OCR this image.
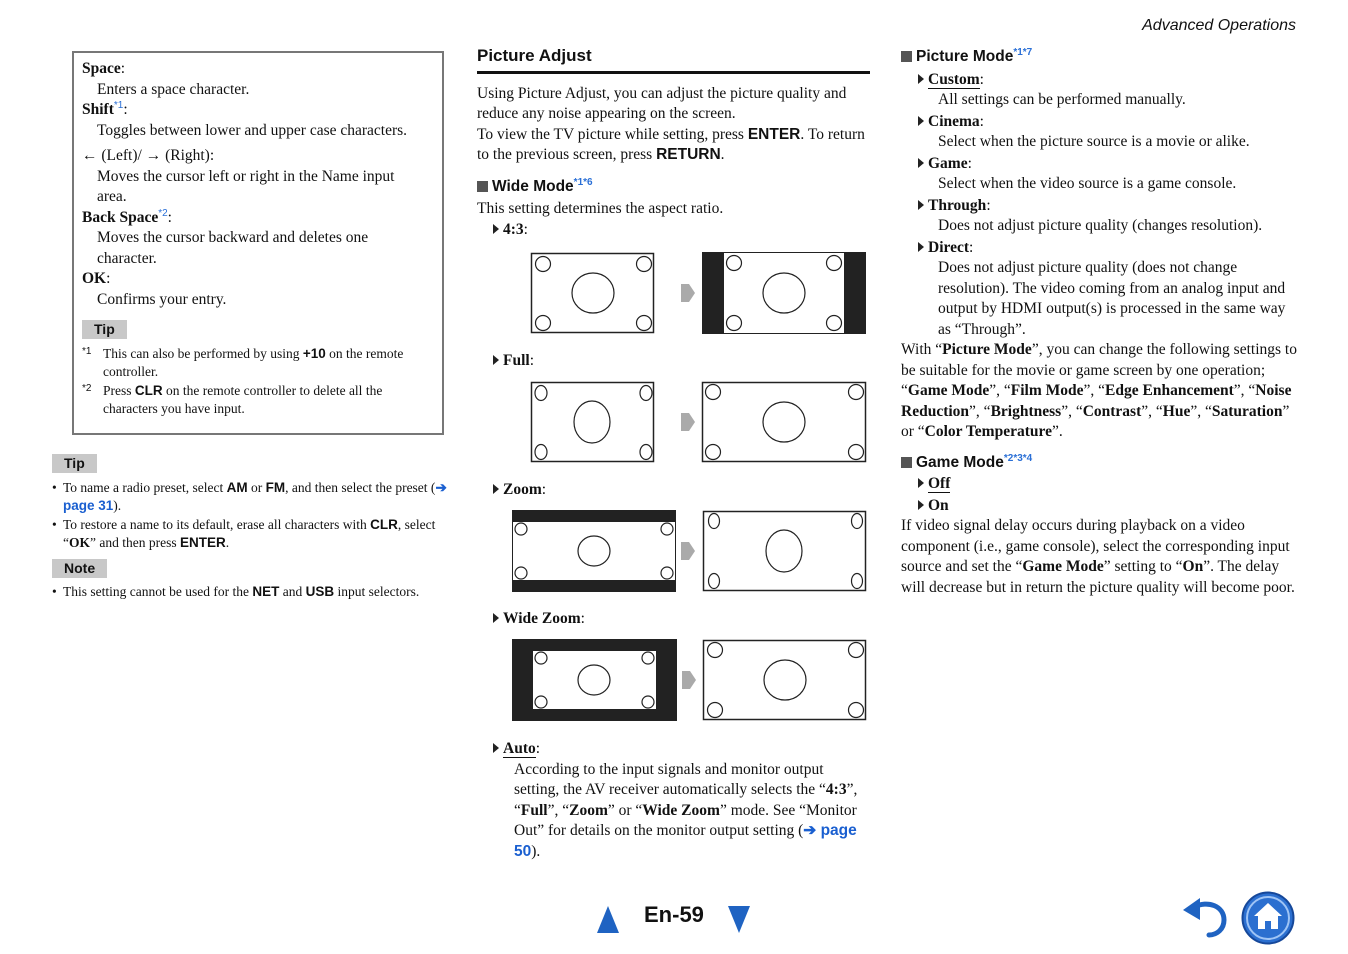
Advanced Operations
Space:
Enters a space character.
Shift$^{*1}$:
Toggles between lower and upper case characters.
← (Left)/ → (Right):
Moves the cursor left or right in the Name input area.
Back Space$^{*2}$:
Moves the cursor backward and deletes one character.
OK:
Confirms your entry.
Tip
*1 This can also be performed by using +10 on the remote controller.
*2 Press CLR on the remote controller to delete all the characters you have input.
Tip
• To name a radio preset, select AM or FM, and then select the preset (➔ page 31).
• To restore a name to its default, erase all characters with CLR, select “OK” and then press ENTER.
Note
• This setting cannot be used for the NET and USB input selectors.
Picture Adjust
Using Picture Adjust, you can adjust the picture quality and reduce any noise appearing on the screen.
To view the TV picture while setting, press ENTER. To return to the previous screen, press RETURN.
Wide Mode$^{*1*6}$
This setting determines the aspect ratio.
4:3:
Full:
Zoom:
Wide Zoom:
Auto:
According to the input signals and monitor output setting, the AV receiver automatically selects the “4:3”, “Full”, “Zoom” or “Wide Zoom” mode. See “Monitor Out” for details on the monitor output setting (➔ page 50).
Picture Mode$^{*1*7}$
Custom:
All settings can be performed manually.
Cinema:
Select when the picture source is a movie or alike.
Game:
Select when the video source is a game console.
Through:
Does not adjust picture quality (changes resolution).
Direct:
Does not adjust picture quality (does not change resolution). The video coming from an analog input and output by HDMI output(s) is processed in the same way as “Through”.
With “Picture Mode”, you can change the following settings to be suitable for the movie or game screen by one operation; “Game Mode”, “Film Mode”, “Edge Enhancement”, “Noise Reduction”, “Brightness”, “Contrast”, “Hue”, “Saturation” or “Color Temperature”.
Game Mode$^{*2*3*4}$
Off
On
If video signal delay occurs during playback on a video component (i.e., game console), select the corresponding input source and set the “Game Mode” setting to “On”. The delay will decrease but in return the picture quality will become poor.
En-59
